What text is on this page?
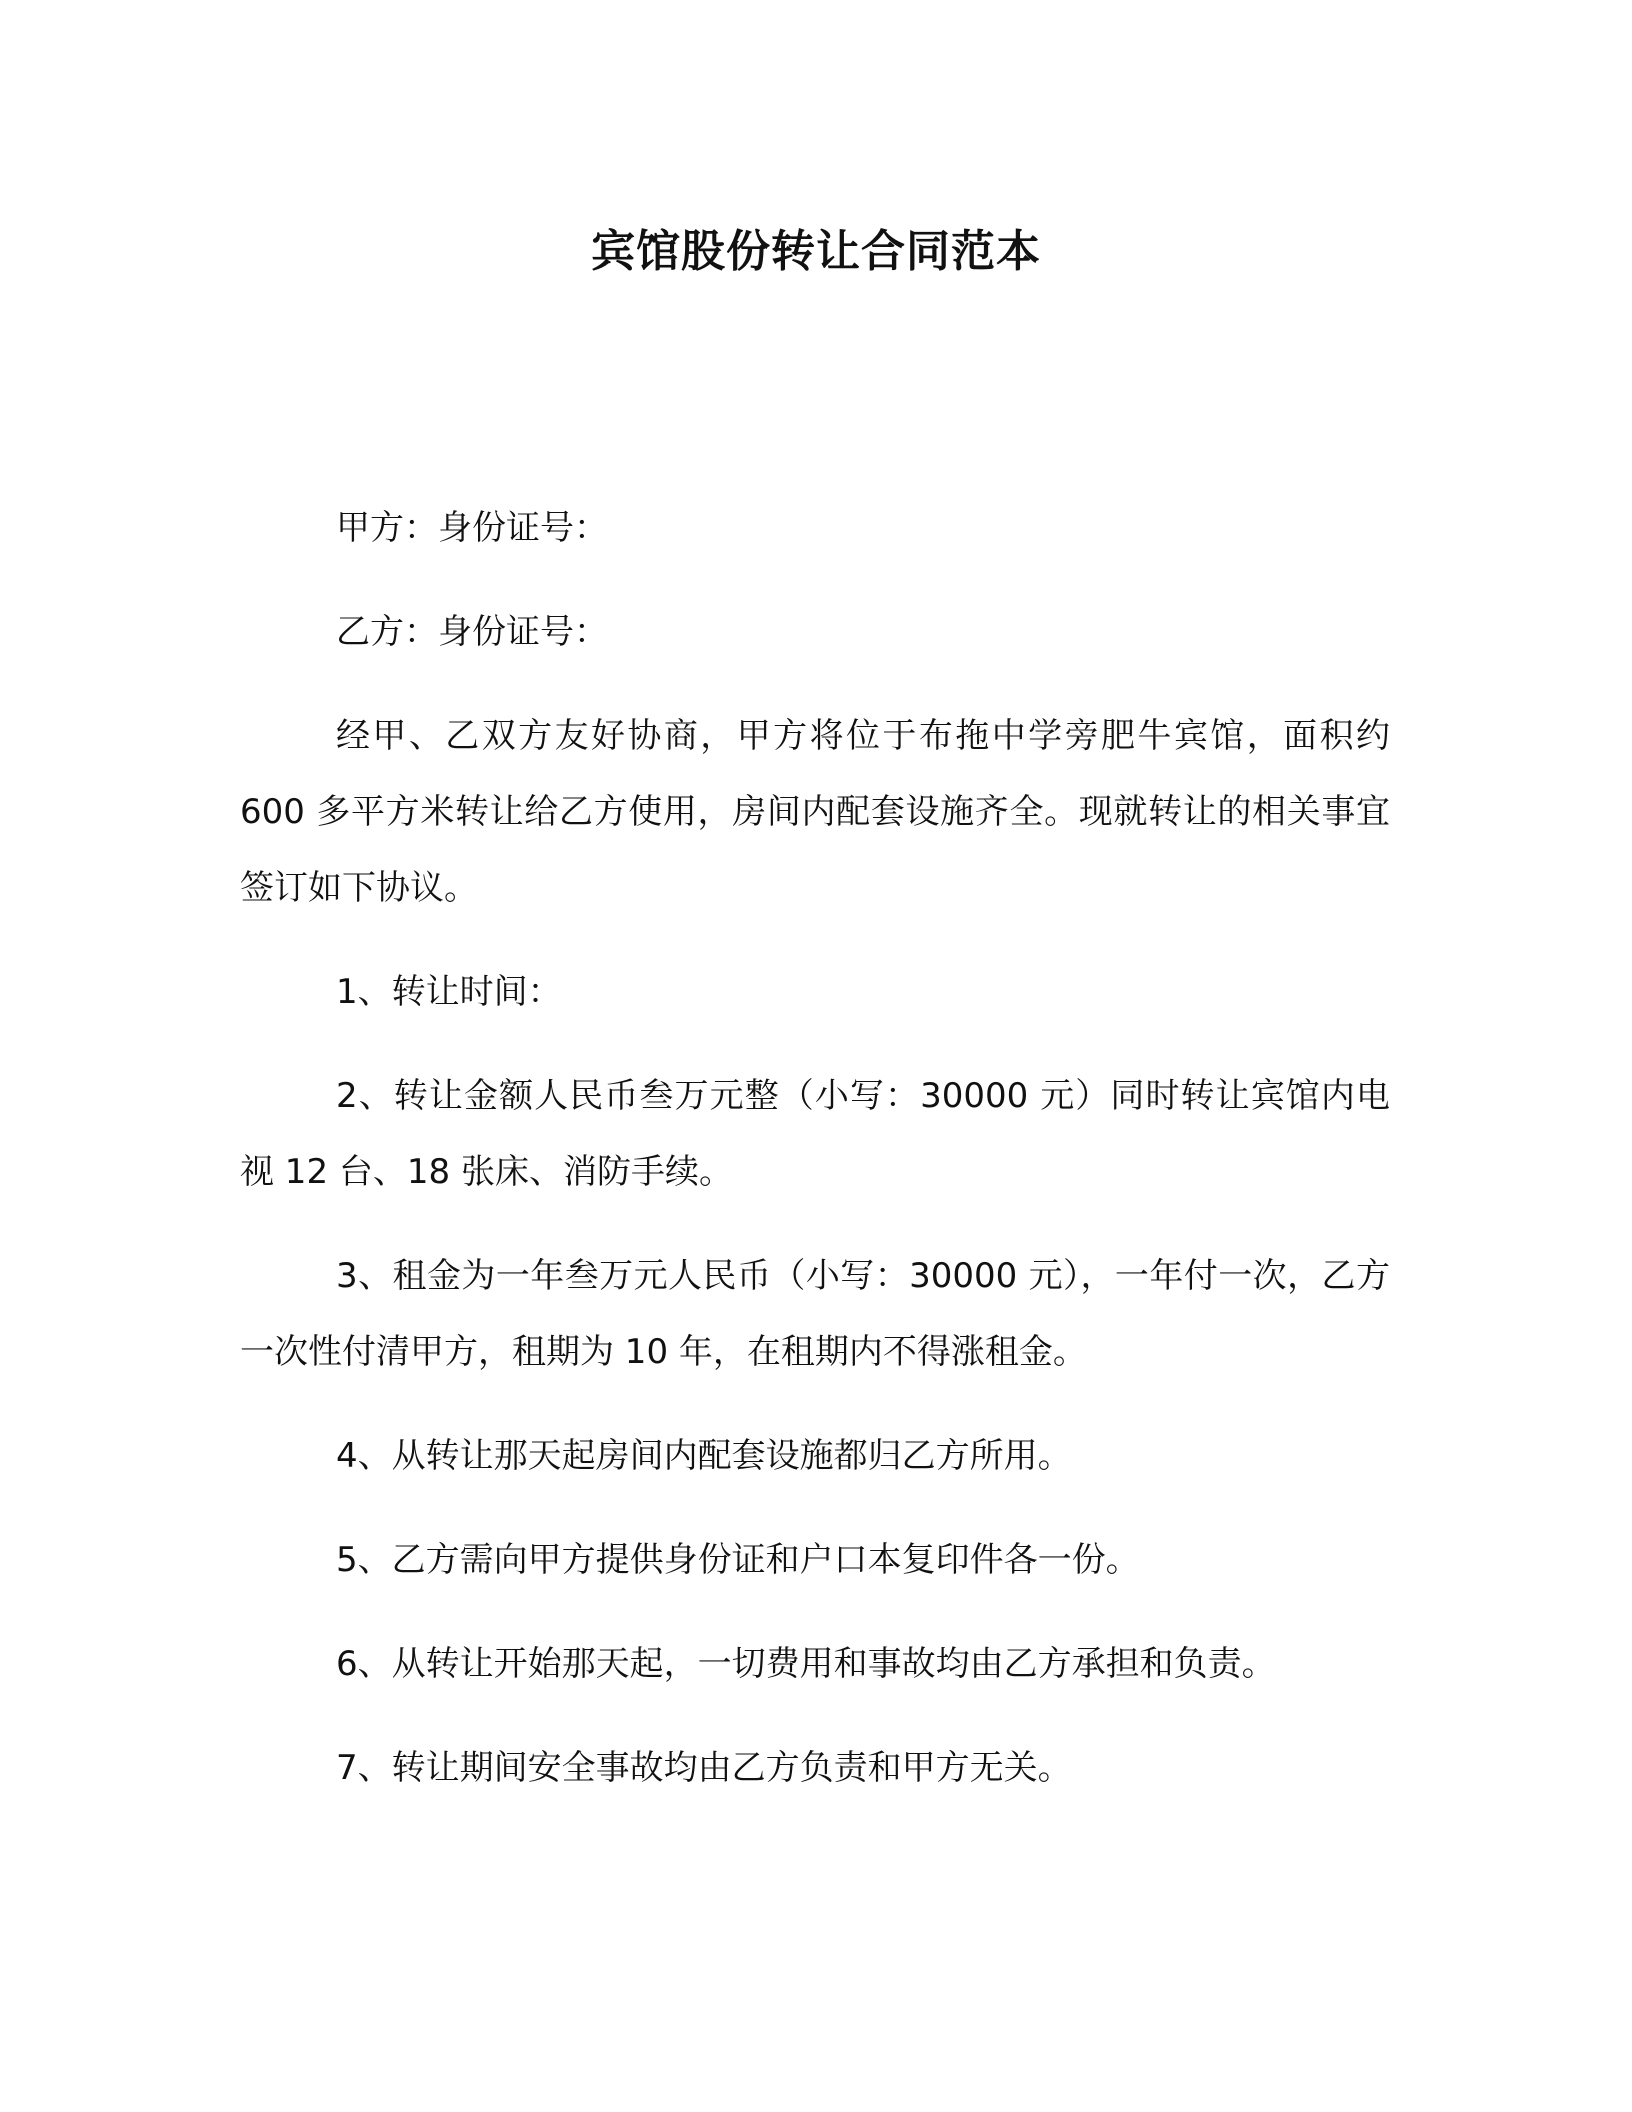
宾馆股份转让合同范本

甲方：身份证号：

乙方：身份证号：

经甲、乙双方友好协商，甲方将位于布拖中学旁肥牛宾馆，面积约 600 多平方米转让给乙方使用，房间内配套设施齐全。现就转让的相关事宜签订如下协议。

1、转让时间：

2、转让金额人民币叁万元整（小写：30000 元）同时转让宾馆内电视 12 台、18 张床、消防手续。

3、租金为一年叁万元人民币（小写：30000 元），一年付一次，乙方一次性付清甲方，租期为 10 年，在租期内不得涨租金。

4、从转让那天起房间内配套设施都归乙方所用。

5、乙方需向甲方提供身份证和户口本复印件各一份。

6、从转让开始那天起，一切费用和事故均由乙方承担和负责。

7、转让期间安全事故均由乙方负责和甲方无关。
